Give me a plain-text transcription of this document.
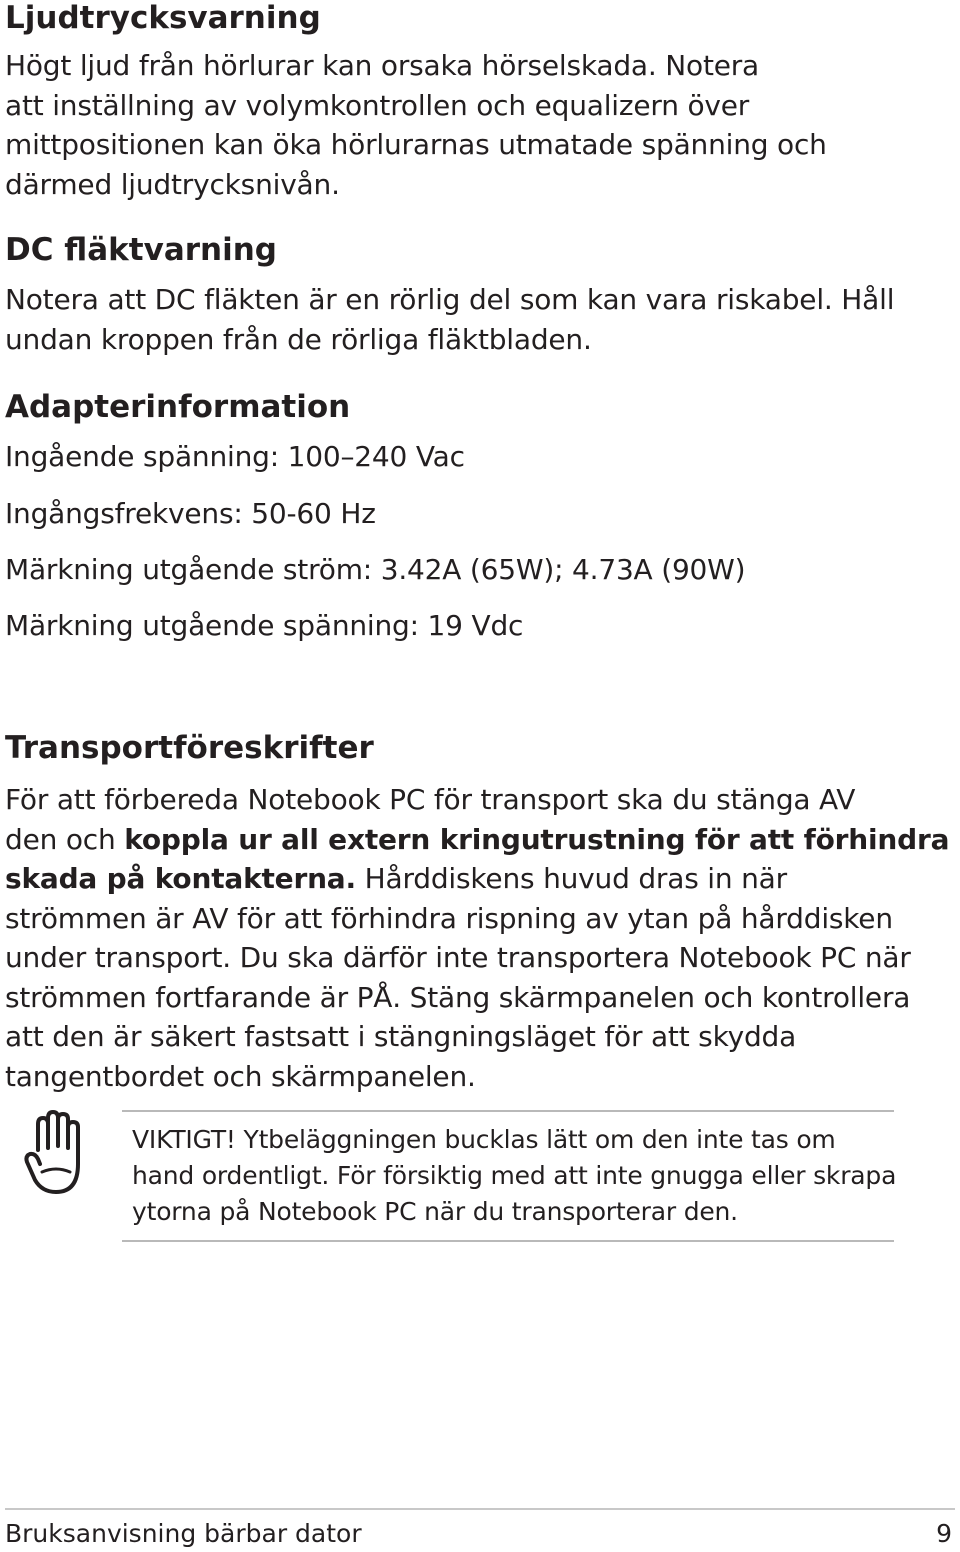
Ljudtrycksvarning

Högt ljud från hörlurar kan orsaka hörselskada. Notera
att inställning av volymkontrollen och equalizern över
mittpositionen kan öka hörlurarnas utmatade spänning och
därmed ljudtrycksnivån.

DC fläktvarning

Notera att DC fläkten är en rörlig del som kan vara riskabel. Håll
undan kroppen från de rörliga fläktbladen.

Adapterinformation
Ingående spänning: 100–240 Vac
Ingångsfrekvens: 50-60 Hz
Märkning utgående ström: 3.42A (65W); 4.73A (90W)
Märkning utgående spänning: 19 Vdc
Transportföreskrifter

För att förbereda Notebook PC för transport ska du stänga AV
den och koppla ur all extern kringutrustning för att förhindra
skada på kontakterna. Hårddiskens huvud dras in när
strömmen är AV för att förhindra rispning av ytan på hårddisken
under transport. Du ska därför inte transportera Notebook PC när
strömmen fortfarande är PÅ. Stäng skärmpanelen och kontrollera
att den är säkert fastsatt i stängningsläget för att skydda
tangentbordet och skärmpanelen.

VIKTIGT! Ytbeläggningen bucklas lätt om den inte tas om
hand ordentligt. För försiktig med att inte gnugga eller skrapa
ytorna på Notebook PC när du transporterar den.
Bruksanvisning bärbar dator	9
